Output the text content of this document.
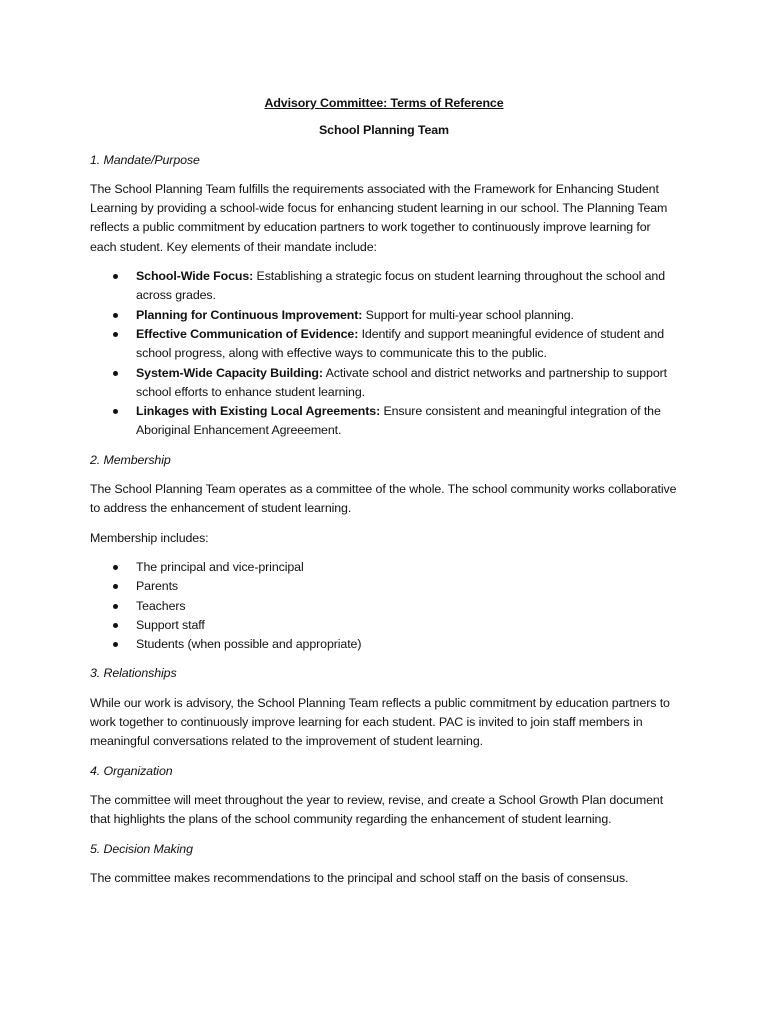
Advisory Committee: Terms of Reference
School Planning Team
1. Mandate/Purpose
The School Planning Team fulfills the requirements associated with the Framework for Enhancing Student Learning by providing a school-wide focus for enhancing student learning in our school. The Planning Team reflects a public commitment by education partners to work together to continuously improve learning for each student. Key elements of their mandate include:
School-Wide Focus: Establishing a strategic focus on student learning throughout the school and across grades.
Planning for Continuous Improvement: Support for multi-year school planning.
Effective Communication of Evidence: Identify and support meaningful evidence of student and school progress, along with effective ways to communicate this to the public.
System-Wide Capacity Building: Activate school and district networks and partnership to support school efforts to enhance student learning.
Linkages with Existing Local Agreements: Ensure consistent and meaningful integration of the Aboriginal Enhancement Agreeement.
2. Membership
The School Planning Team operates as a committee of the whole. The school community works collaborative to address the enhancement of student learning.
Membership includes:
The principal and vice-principal
Parents
Teachers
Support staff
Students (when possible and appropriate)
3. Relationships
While our work is advisory, the School Planning Team reflects a public commitment by education partners to work together to continuously improve learning for each student. PAC is invited to join staff members in meaningful conversations related to the improvement of student learning.
4. Organization
The committee will meet throughout the year to review, revise, and create a School Growth Plan document that highlights the plans of the school community regarding the enhancement of student learning.
5. Decision Making
The committee makes recommendations to the principal and school staff on the basis of consensus.
